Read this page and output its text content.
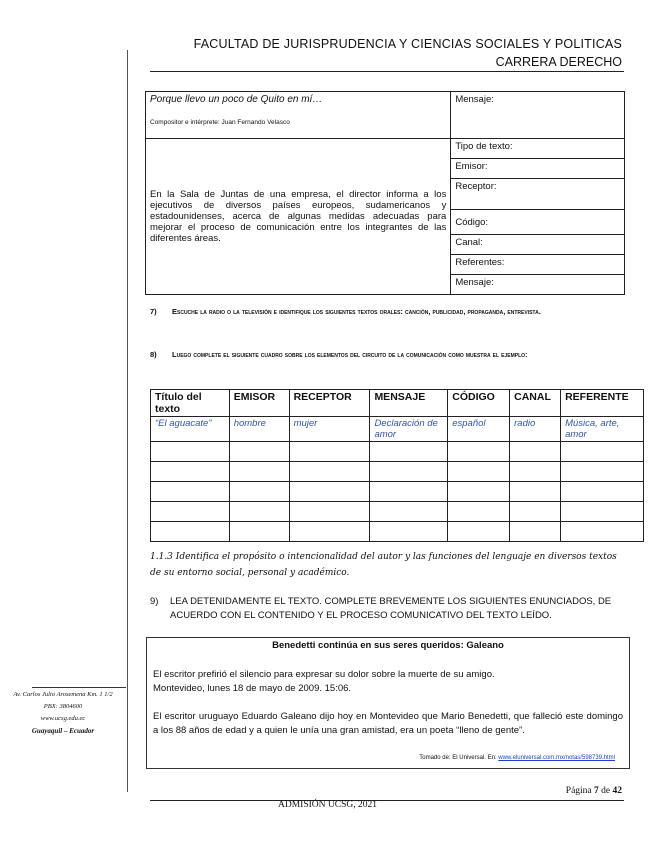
FACULTAD DE JURISPRUDENCIA Y CIENCIAS SOCIALES Y POLITICAS
CARRERA DERECHO
Porque llevo un poco de Quito en mí…
Compositor e intérprete: Juan Fernando Velasco	Mensaje:
En la Sala de Juntas de una empresa, el director informa a los ejecutivos de diversos países europeos, sudamericanos y estadounidenses, acerca de algunas medidas adecuadas para mejorar el proceso de comunicación entre los integrantes de las diferentes áreas.	Tipo de texto:
	Emisor:
	Receptor:
	Código:
	Canal:
	Referentes:
	Mensaje:
7) Escuche la radio o la televisión e identifique los siguientes textos orales: canción, publicidad, propaganda, entrevista.
8) Luego complete el siguiente cuadro sobre los elementos del circuito de la comunicación como muestra el ejemplo:
Título del texto	EMISOR	RECEPTOR	MENSAJE	CÓDIGO	CANAL	REFERENTE
“El aguacate”	hombre	mujer	Declaración de amor	español	radio	Música, arte, amor

1.1.3 Identifica el propósito o intencionalidad del autor y las funciones del lenguaje en diversos textos de su entorno social, personal y académico.
9)	LEA DETENIDAMENTE EL TEXTO. COMPLETE BREVEMENTE LOS SIGUIENTES ENUNCIADOS, DE ACUERDO CON EL CONTENIDO Y EL PROCESO COMUNICATIVO DEL TEXTO LEÍDO.
Benedetti continúa en sus seres queridos: Galeano
El escritor prefirió el silencio para expresar su dolor sobre la muerte de su amigo.
Montevideo, lunes 18 de mayo de 2009. 15:06.
El escritor uruguayo Eduardo Galeano dijo hoy en Montevideo que Mario Benedetti, que falleció este domingo a los 88 años de edad y a quien le unía una gran amistad, era un poeta “lleno de gente”.
Tomado de: El Universal. En: www.eluniversal.com.mx/notas/598739.html
Av. Carlos Julio Arosemena Km. 1 1/2
PBX: 3804600
www.ucsg.edu.ec
Guayaquil – Ecuador
Página 7 de 42
ADMISIÓN UCSG, 2021
